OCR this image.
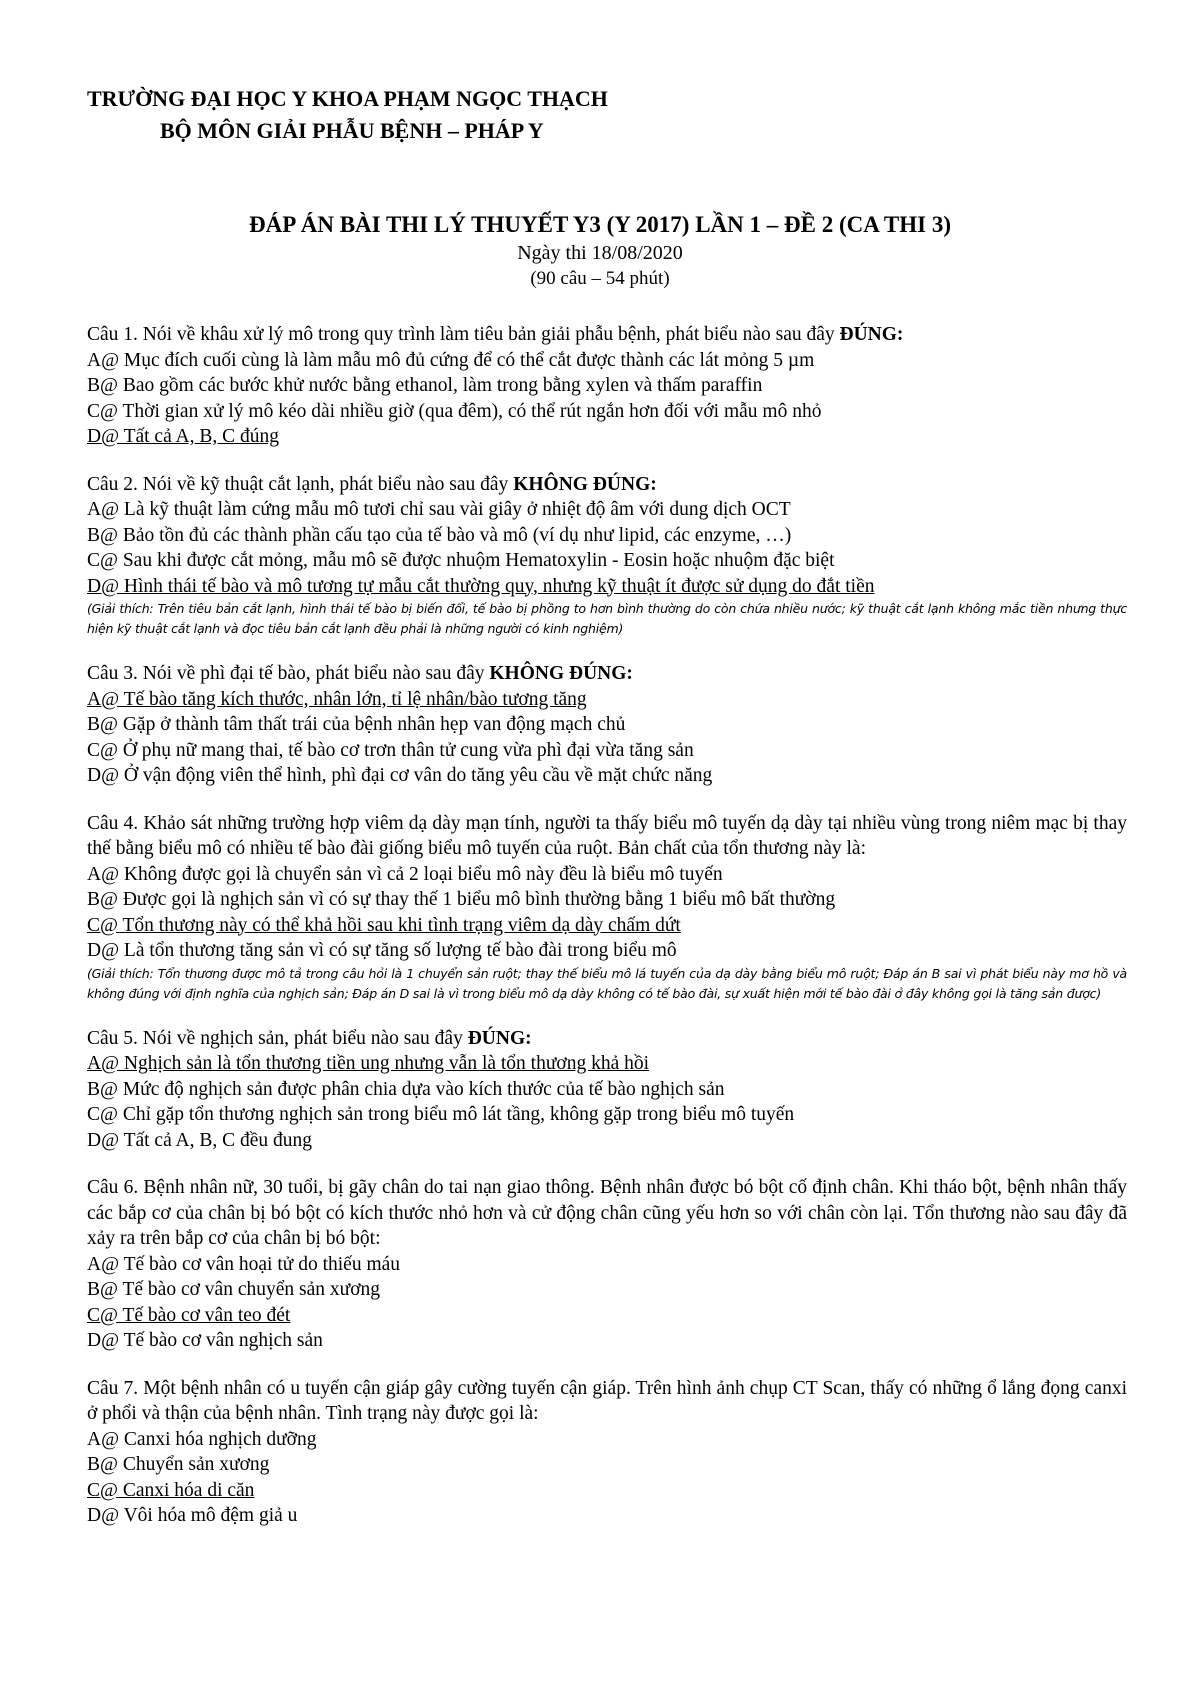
TRƯỜNG ĐẠI HỌC Y KHOA PHẠM NGỌC THẠCH
BỘ MÔN GIẢI PHẪU BỆNH – PHÁP Y
ĐÁP ÁN BÀI THI LÝ THUYẾT Y3 (Y 2017) LẦN 1 – ĐỀ 2 (CA THI 3)
Ngày thi 18/08/2020
(90 câu – 54 phút)
Câu 1. Nói về khâu xử lý mô trong quy trình làm tiêu bản giải phẫu bệnh, phát biểu nào sau đây ĐÚNG:
A@ Mục đích cuối cùng là làm mẫu mô đủ cứng để có thể cắt được thành các lát mỏng 5 µm
B@ Bao gồm các bước khử nước bằng ethanol, làm trong bằng xylen và thấm paraffin
C@ Thời gian xử lý mô kéo dài nhiều giờ (qua đêm), có thể rút ngắn hơn đối với mẫu mô nhỏ
D@ Tất cả A, B, C đúng
Câu 2. Nói về kỹ thuật cắt lạnh, phát biểu nào sau đây KHÔNG ĐÚNG:
A@ Là kỹ thuật làm cứng mẫu mô tươi chỉ sau vài giây ở nhiệt độ âm với dung dịch OCT
B@ Bảo tồn đủ các thành phần cấu tạo của tế bào và mô (ví dụ như lipid, các enzyme, …)
C@ Sau khi được cắt mỏng, mẫu mô sẽ được nhuộm Hematoxylin - Eosin hoặc nhuộm đặc biệt
D@ Hình thái tế bào và mô tương tự mẫu cắt thường quy, nhưng kỹ thuật ít được sử dụng do đắt tiền
(Giải thích: Trên tiêu bản cắt lạnh, hình thái tế bào bị biến đổi, tế bào bị phồng to hơn bình thường do còn chứa nhiều nước; kỹ thuật cắt lạnh không mắc tiền nhưng thực hiện kỹ thuật cắt lạnh và đọc tiêu bản cắt lạnh đều phải là những người có kinh nghiệm)
Câu 3. Nói về phì đại tế bào, phát biểu nào sau đây KHÔNG ĐÚNG:
A@ Tế bào tăng kích thước, nhân lớn, tỉ lệ nhân/bào tương tăng
B@ Gặp ở thành tâm thất trái của bệnh nhân hẹp van động mạch chủ
C@ Ở phụ nữ mang thai, tế bào cơ trơn thân tử cung vừa phì đại vừa tăng sản
D@ Ở vận động viên thể hình, phì đại cơ vân do tăng yêu cầu về mặt chức năng
Câu 4. Khảo sát những trường hợp viêm dạ dày mạn tính, người ta thấy biểu mô tuyến dạ dày tại nhiều vùng trong niêm mạc bị thay thế bằng biểu mô có nhiều tế bào đài giống biểu mô tuyến của ruột. Bản chất của tổn thương này là:
A@ Không được gọi là chuyển sản vì cả 2 loại biểu mô này đều là biểu mô tuyến
B@ Được gọi là nghịch sản vì có sự thay thế 1 biểu mô bình thường bằng 1 biểu mô bất thường
C@ Tổn thương này có thể khả hồi sau khi tình trạng viêm dạ dày chấm dứt
D@ Là tổn thương tăng sản vì có sự tăng số lượng tế bào đài trong biểu mô
(Giải thích: Tổn thương được mô tả trong câu hỏi là 1 chuyển sản ruột; thay thế biểu mô lá tuyến của dạ dày bằng biểu mô ruột; Đáp án B sai vì phát biểu này mơ hồ và không đúng với định nghĩa của nghịch sản; Đáp án D sai là vì trong biểu mô dạ dày không có tế bào đài, sự xuất hiện mới tế bào đài ở đây không gọi là tăng sản được)
Câu 5. Nói về nghịch sản, phát biểu nào sau đây ĐÚNG:
A@ Nghịch sản là tổn thương tiền ung nhưng vẫn là tổn thương khả hồi
B@ Mức độ nghịch sản được phân chia dựa vào kích thước của tế bào nghịch sản
C@ Chỉ gặp tổn thương nghịch sản trong biểu mô lát tầng, không gặp trong biểu mô tuyến
D@ Tất cả A, B, C đều đung
Câu 6. Bệnh nhân nữ, 30 tuổi, bị gãy chân do tai nạn giao thông. Bệnh nhân được bó bột cố định chân. Khi tháo bột, bệnh nhân thấy các bắp cơ của chân bị bó bột có kích thước nhỏ hơn và cử động chân cũng yếu hơn so với chân còn lại. Tổn thương nào sau đây đã xảy ra trên bắp cơ của chân bị bó bột:
A@ Tế bào cơ vân hoại tử do thiếu máu
B@ Tế bào cơ vân chuyển sản xương
C@ Tế bào cơ vân teo đét
D@ Tế bào cơ vân nghịch sản
Câu 7. Một bệnh nhân có u tuyến cận giáp gây cường tuyến cận giáp. Trên hình ảnh chụp CT Scan, thấy có những ổ lắng đọng canxi ở phổi và thận của bệnh nhân. Tình trạng này được gọi là:
A@ Canxi hóa nghịch dưỡng
B@ Chuyển sản xương
C@ Canxi hóa di căn
D@ Vôi hóa mô đệm giả u
